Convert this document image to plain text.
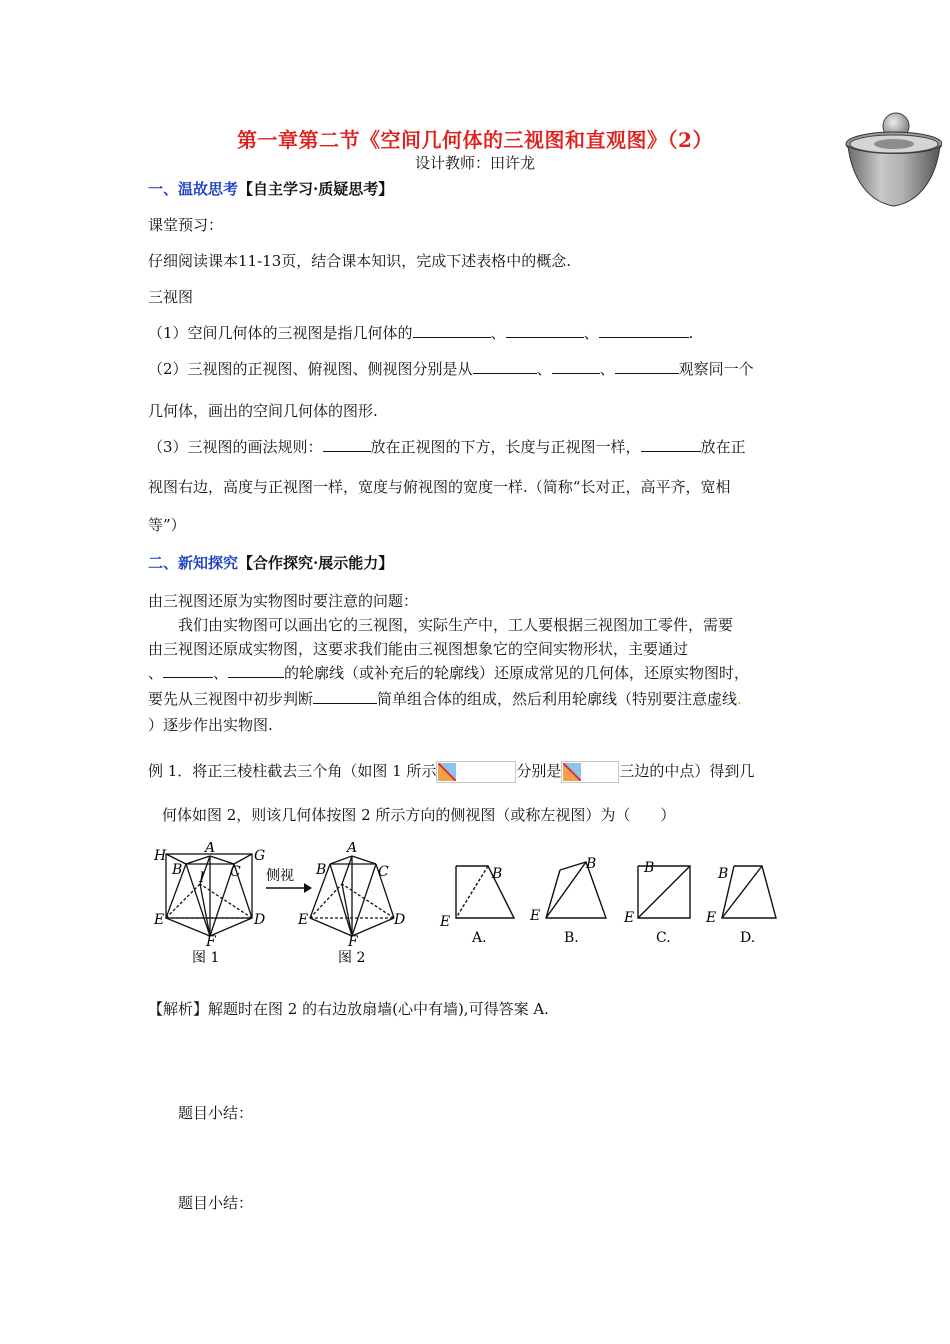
第一章第二节《空间几何体的三视图和直观图》（2）
设计教师：田许龙
一、温故思考【自主学习·质疑思考】
课堂预习：
仔细阅读课本11-13页，结合课本知识，完成下述表格中的概念.
三视图
（1）空间几何体的三视图是指几何体的	、	、	.
（2）三视图的正视图、俯视图、侧视图分别是从	、	、	观察同一个
几何体，画出的空间几何体的图形.
（3）三视图的画法规则：	放在正视图的下方，长度与正视图一样，	放在正
视图右边，高度与正视图一样，宽度与俯视图的宽度一样.（简称“长对正，高平齐，宽相
等”）
二、新知探究【合作探究·展示能力】
由三视图还原为实物图时要注意的问题：
我们由实物图可以画出它的三视图，实际生产中，工人要根据三视图加工零件，需要
由三视图还原成实物图，这要求我们能由三视图想象它的空间实物形状，主要通过
、	、	的轮廓线（或补充后的轮廓线）还原成常见的几何体，还原实物图时，
要先从三视图中初步判断	简单组合体的组成，然后利用轮廓线（特别要注意虚线.
）逐步作出实物图.
例 1．将正三棱柱截去三个角（如图 1 所示	分别是	三边的中点）得到几
何体如图 2，则该几何体按图 2 所示方向的侧视图（或称左视图）为（　　）
H	A	G
B I C
E	D
F
图 1
侧视
A
B	C
E	D
F
图 2
B
E
A.
B
E
B.
B
E
C.
B
E
D.
【解析】解题时在图 2 的右边放扇墙(心中有墙),可得答案 A.
题目小结：
题目小结：
